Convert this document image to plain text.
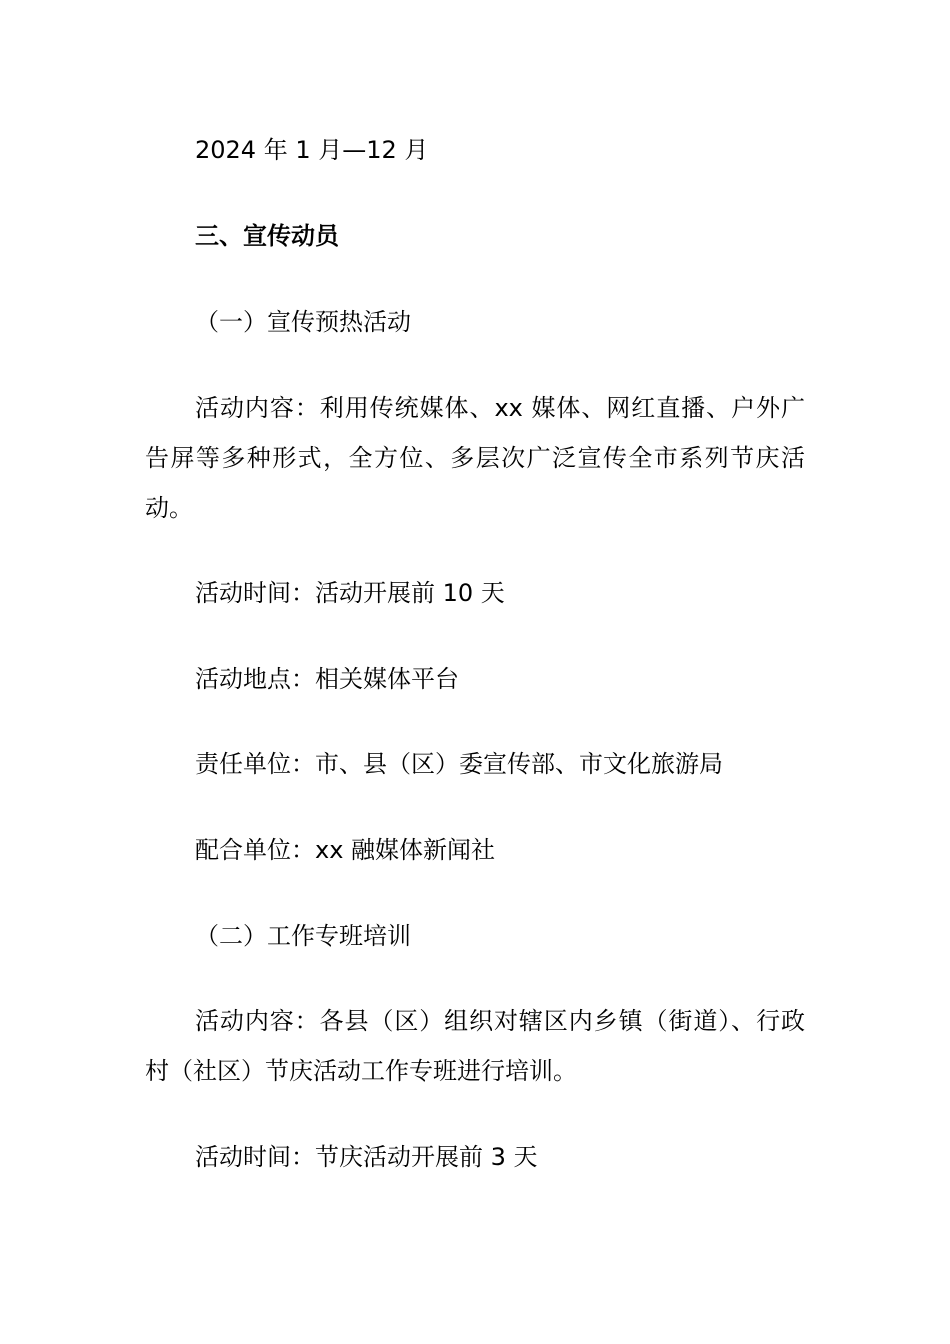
2024 年 1 月—12 月

三、宣传动员

（一）宣传预热活动

活动内容：利用传统媒体、xx 媒体、网红直播、户外广告屏等多种形式，全方位、多层次广泛宣传全市系列节庆活动。

活动时间：活动开展前 10 天

活动地点：相关媒体平台

责任单位：市、县（区）委宣传部、市文化旅游局

配合单位：xx 融媒体新闻社

（二）工作专班培训

活动内容：各县（区）组织对辖区内乡镇（街道）、行政村（社区）节庆活动工作专班进行培训。

活动时间：节庆活动开展前 3 天
